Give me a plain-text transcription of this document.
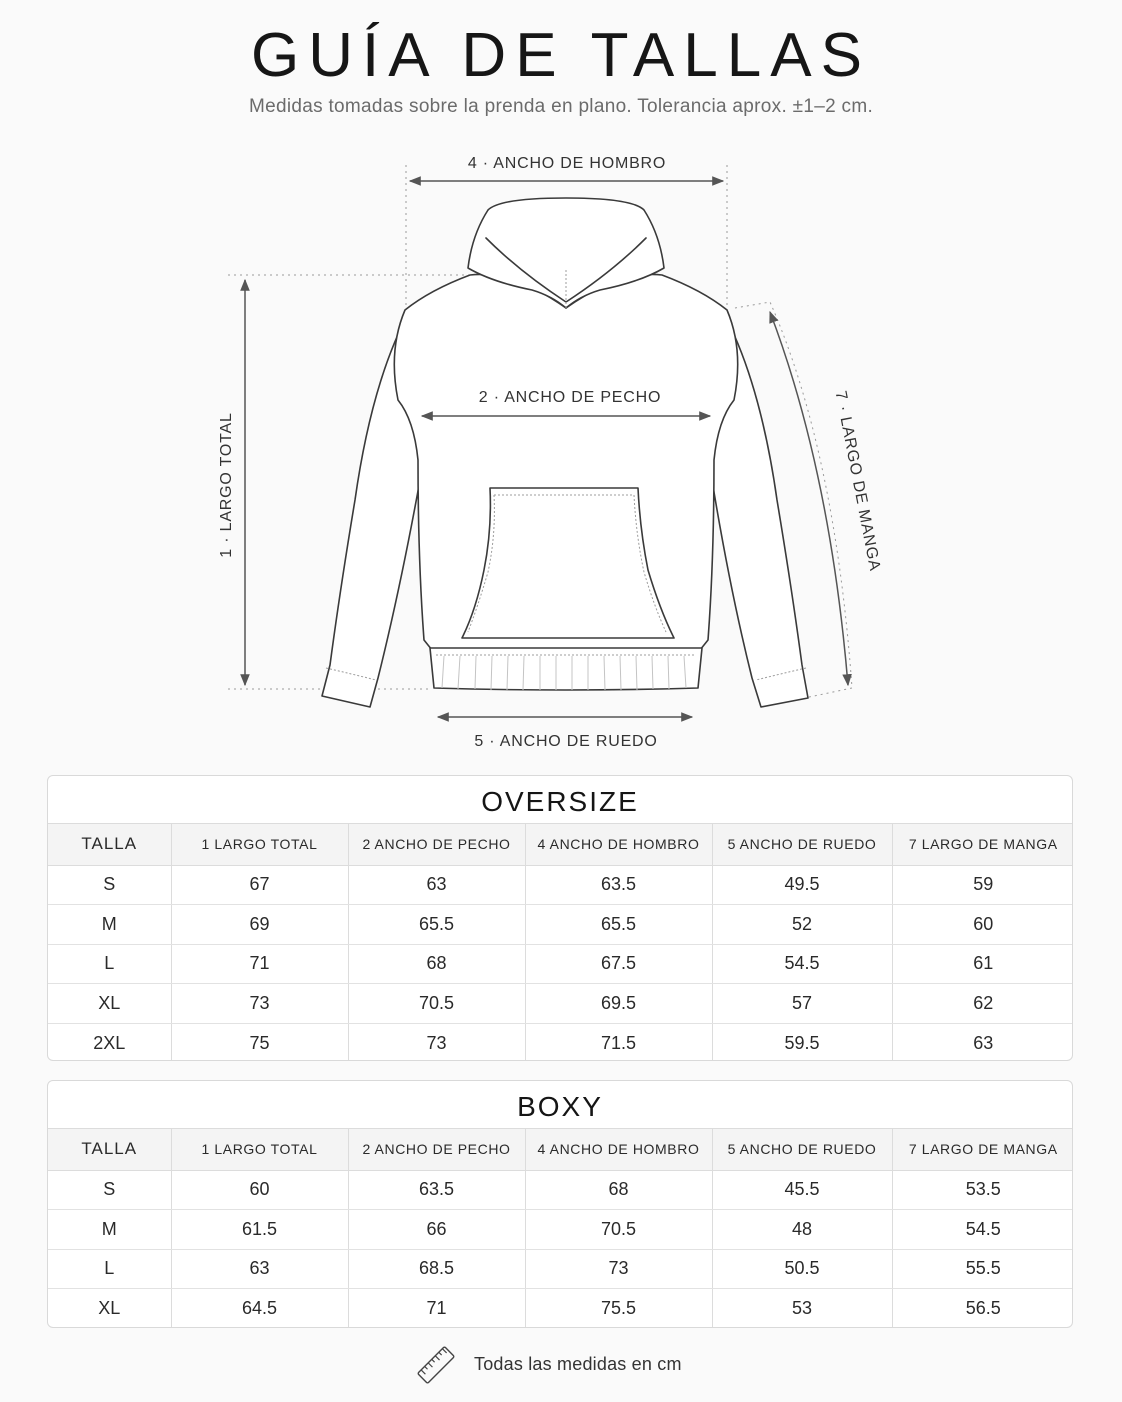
GUÍA DE TALLAS
Medidas tomadas sobre la prenda en plano. Tolerancia aprox. ±1–2 cm.
4 · ANCHO DE HOMBRO
2 · ANCHO DE PECHO
1 · LARGO TOTAL
5 · ANCHO DE RUEDO
7 · LARGO DE MANGA
OVERSIZE
TALLA	1 LARGO TOTAL	2 ANCHO DE PECHO	4 ANCHO DE HOMBRO	5 ANCHO DE RUEDO	7 LARGO DE MANGA
S	67	63	63.5	49.5	59
M	69	65.5	65.5	52	60
L	71	68	67.5	54.5	61
XL	73	70.5	69.5	57	62
2XL	75	73	71.5	59.5	63
BOXY
TALLA	1 LARGO TOTAL	2 ANCHO DE PECHO	4 ANCHO DE HOMBRO	5 ANCHO DE RUEDO	7 LARGO DE MANGA
S	60	63.5	68	45.5	53.5
M	61.5	66	70.5	48	54.5
L	63	68.5	73	50.5	55.5
XL	64.5	71	75.5	53	56.5
Todas las medidas en cm
